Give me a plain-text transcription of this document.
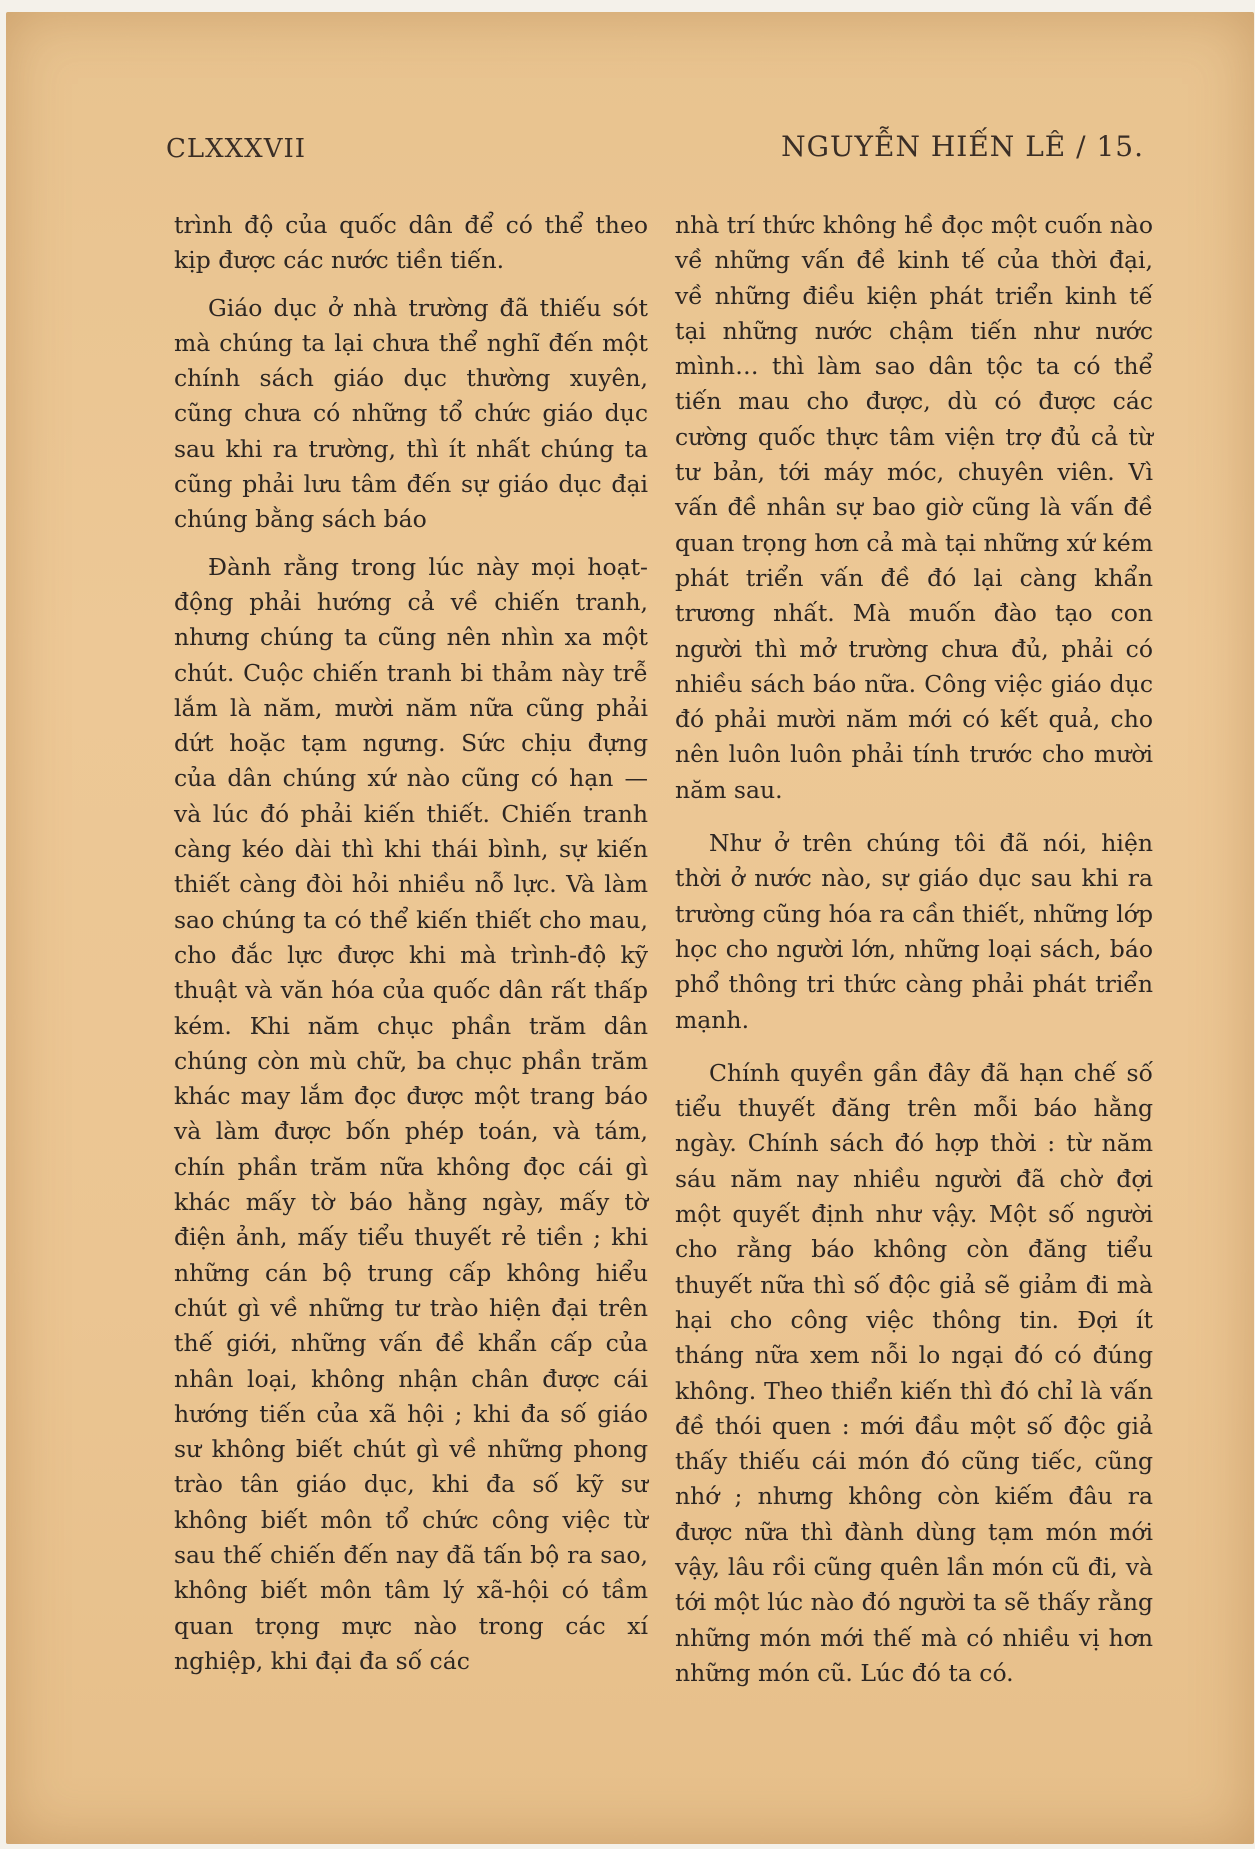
CLXXXVII	NGUYỄN HIẾN LÊ / 15.

trình độ của quốc dân để có thể theo kịp được các nước tiền tiến.

Giáo dục ở nhà trường đã thiếu sót mà chúng ta lại chưa thể nghĩ đến một chính sách giáo dục thường xuyên, cũng chưa có những tổ chức giáo dục sau khi ra trường, thì ít nhất chúng ta cũng phải lưu tâm đến sự giáo dục đại chúng bằng sách báo

Đành rằng trong lúc này mọi hoạt-động phải hướng cả về chiến tranh, nhưng chúng ta cũng nên nhìn xa một chút. Cuộc chiến tranh bi thảm này trễ lắm là năm, mười năm nữa cũng phải dứt hoặc tạm ngưng. Sức chịu đựng của dân chúng xứ nào cũng có hạn — và lúc đó phải kiến thiết. Chiến tranh càng kéo dài thì khi thái bình, sự kiến thiết càng đòi hỏi nhiều nỗ lực. Và làm sao chúng ta có thể kiến thiết cho mau, cho đắc lực được khi mà trình-độ kỹ thuật và văn hóa của quốc dân rất thấp kém. Khi năm chục phần trăm dân chúng còn mù chữ, ba chục phần trăm khác may lắm đọc được một trang báo và làm được bốn phép toán, và tám, chín phần trăm nữa không đọc cái gì khác mấy tờ báo hằng ngày, mấy tờ điện ảnh, mấy tiểu thuyết rẻ tiền ; khi những cán bộ trung cấp không hiểu chút gì về những tư trào hiện đại trên thế giới, những vấn đề khẩn cấp của nhân loại, không nhận chân được cái hướng tiến của xã hội ; khi đa số giáo sư không biết chút gì về những phong trào tân giáo dục, khi đa số kỹ sư không biết môn tổ chức công việc từ sau thế chiến đến nay đã tấn bộ ra sao, không biết môn tâm lý xã-hội có tầm quan trọng mực nào trong các xí nghiệp, khi đại đa số các

nhà trí thức không hề đọc một cuốn nào về những vấn đề kinh tế của thời đại, về những điều kiện phát triển kinh tế tại những nước chậm tiến như nước mình… thì làm sao dân tộc ta có thể tiến mau cho được, dù có được các cường quốc thực tâm viện trợ đủ cả từ tư bản, tới máy móc, chuyên viên. Vì vấn đề nhân sự bao giờ cũng là vấn đề quan trọng hơn cả mà tại những xứ kém phát triển vấn đề đó lại càng khẩn trương nhất. Mà muốn đào tạo con người thì mở trường chưa đủ, phải có nhiều sách báo nữa. Công việc giáo dục đó phải mười năm mới có kết quả, cho nên luôn luôn phải tính trước cho mười năm sau.

Như ở trên chúng tôi đã nói, hiện thời ở nước nào, sự giáo dục sau khi ra trường cũng hóa ra cần thiết, những lớp học cho người lớn, những loại sách, báo phổ thông tri thức càng phải phát triển mạnh.

Chính quyền gần đây đã hạn chế số tiểu thuyết đăng trên mỗi báo hằng ngày. Chính sách đó hợp thời : từ năm sáu năm nay nhiều người đã chờ đợi một quyết định như vậy. Một số người cho rằng báo không còn đăng tiểu thuyết nữa thì số độc giả sẽ giảm đi mà hại cho công việc thông tin. Đợi ít tháng nữa xem nỗi lo ngại đó có đúng không. Theo thiển kiến thì đó chỉ là vấn đề thói quen : mới đầu một số độc giả thấy thiếu cái món đó cũng tiếc, cũng nhớ ; nhưng không còn kiếm đâu ra được nữa thì đành dùng tạm món mới vậy, lâu rồi cũng quên lần món cũ đi, và tới một lúc nào đó người ta sẽ thấy rằng những món mới thế mà có nhiều vị hơn những món cũ. Lúc đó ta có.
